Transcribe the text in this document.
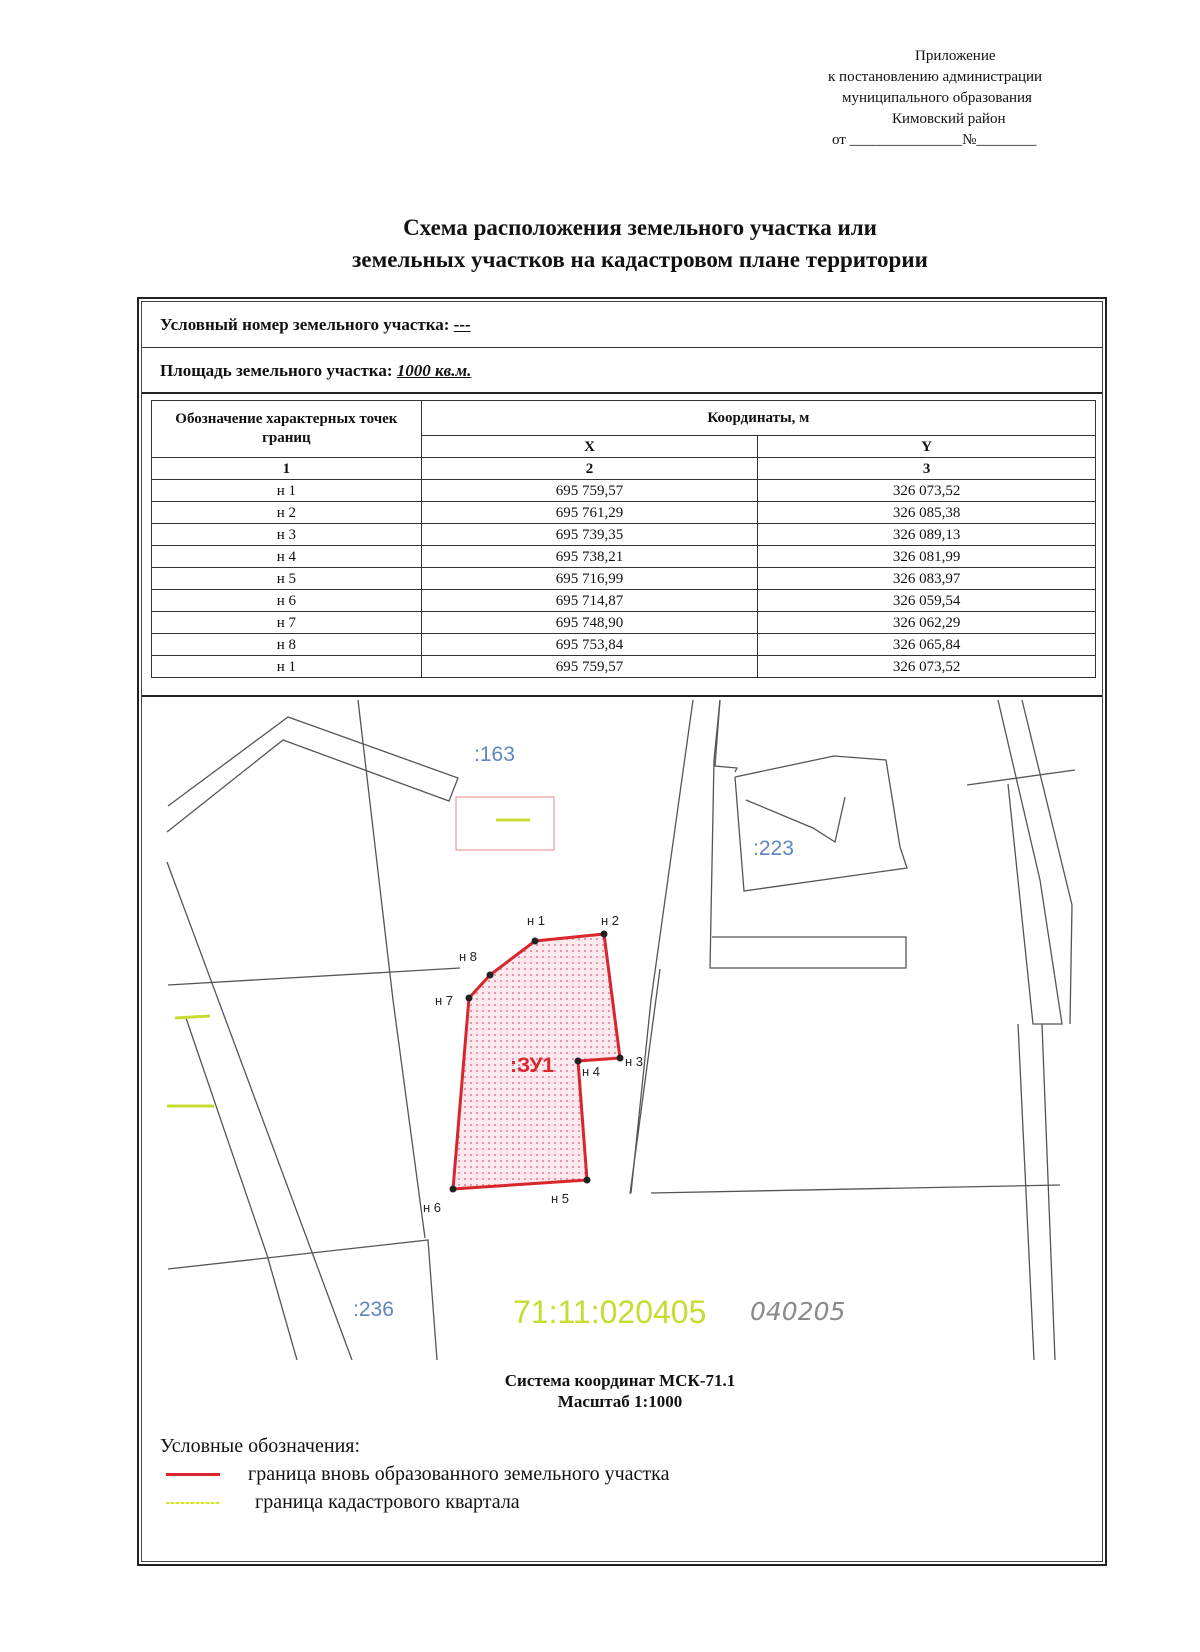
Приложение
к постановлению администрации
муниципального образования
Кимовский район
от _______________№________
Схема расположения земельного участка или
земельных участков на кадастровом плане территории
Условный номер земельного участка: ---
Площадь земельного участка: 1000 кв.м.
Обозначение характерных точек границ	Координаты, м	
	X	Y
1	2	3
н 1	695 759,57	326 073,52
н 2	695 761,29	326 085,38
н 3	695 739,35	326 089,13
н 4	695 738,21	326 081,99
н 5	695 716,99	326 083,97
н 6	695 714,87	326 059,54
н 7	695 748,90	326 062,29
н 8	695 753,84	326 065,84
н 1	695 759,57	326 073,52
н 1	н 2
н 3
н 4
н 5
н 6
н 7
н 8
:ЗУ1
:163
:223
:236	71:11:020405 040205
Система координат МСК-71.1
Масштаб 1:1000
Условные обозначения:
граница вновь образованного земельного участка
граница кадастрового квартала
